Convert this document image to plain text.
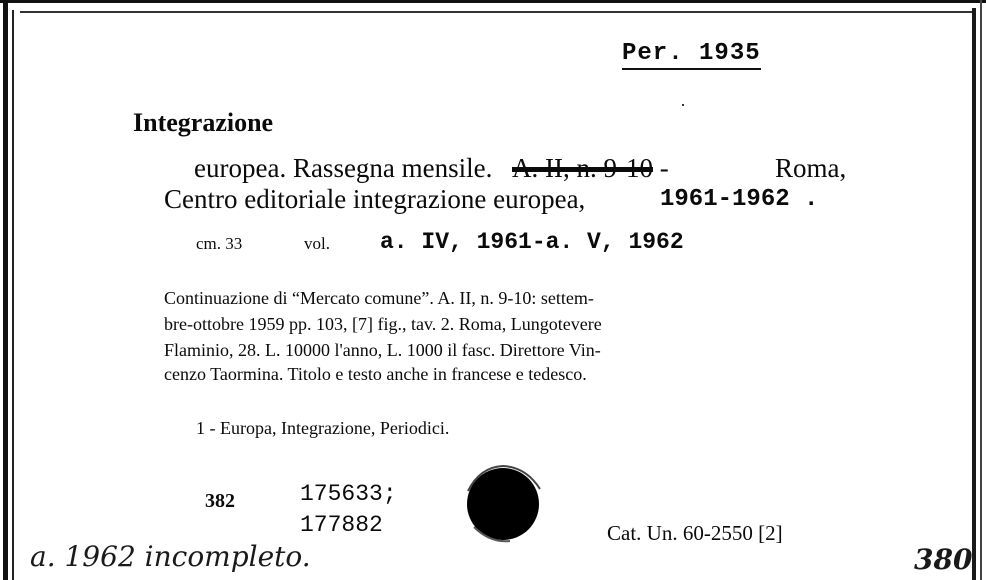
Per. 1935
Integrazione
europea. Rassegna mensile. A. II, n. 9-10 -	Roma,
Centro editoriale integrazione europea,	1961-1962 .
cm. 33	vol. a. IV, 1961-a. V, 1962
Continuazione di “Mercato comune”. A. II, n. 9-10: settem-
bre-ottobre 1959 pp. 103, [7] fig., tav. 2. Roma, Lungotevere
Flaminio, 28. L. 10000 l'anno, L. 1000 il fasc. Direttore Vin-
cenzo Taormina. Titolo e testo anche in francese e tedesco.
1 - Europa, Integrazione, Periodici.
382	175633;
177882	Cat. Un. 60-2550 [2]
a. 1962 incompleto.	380
